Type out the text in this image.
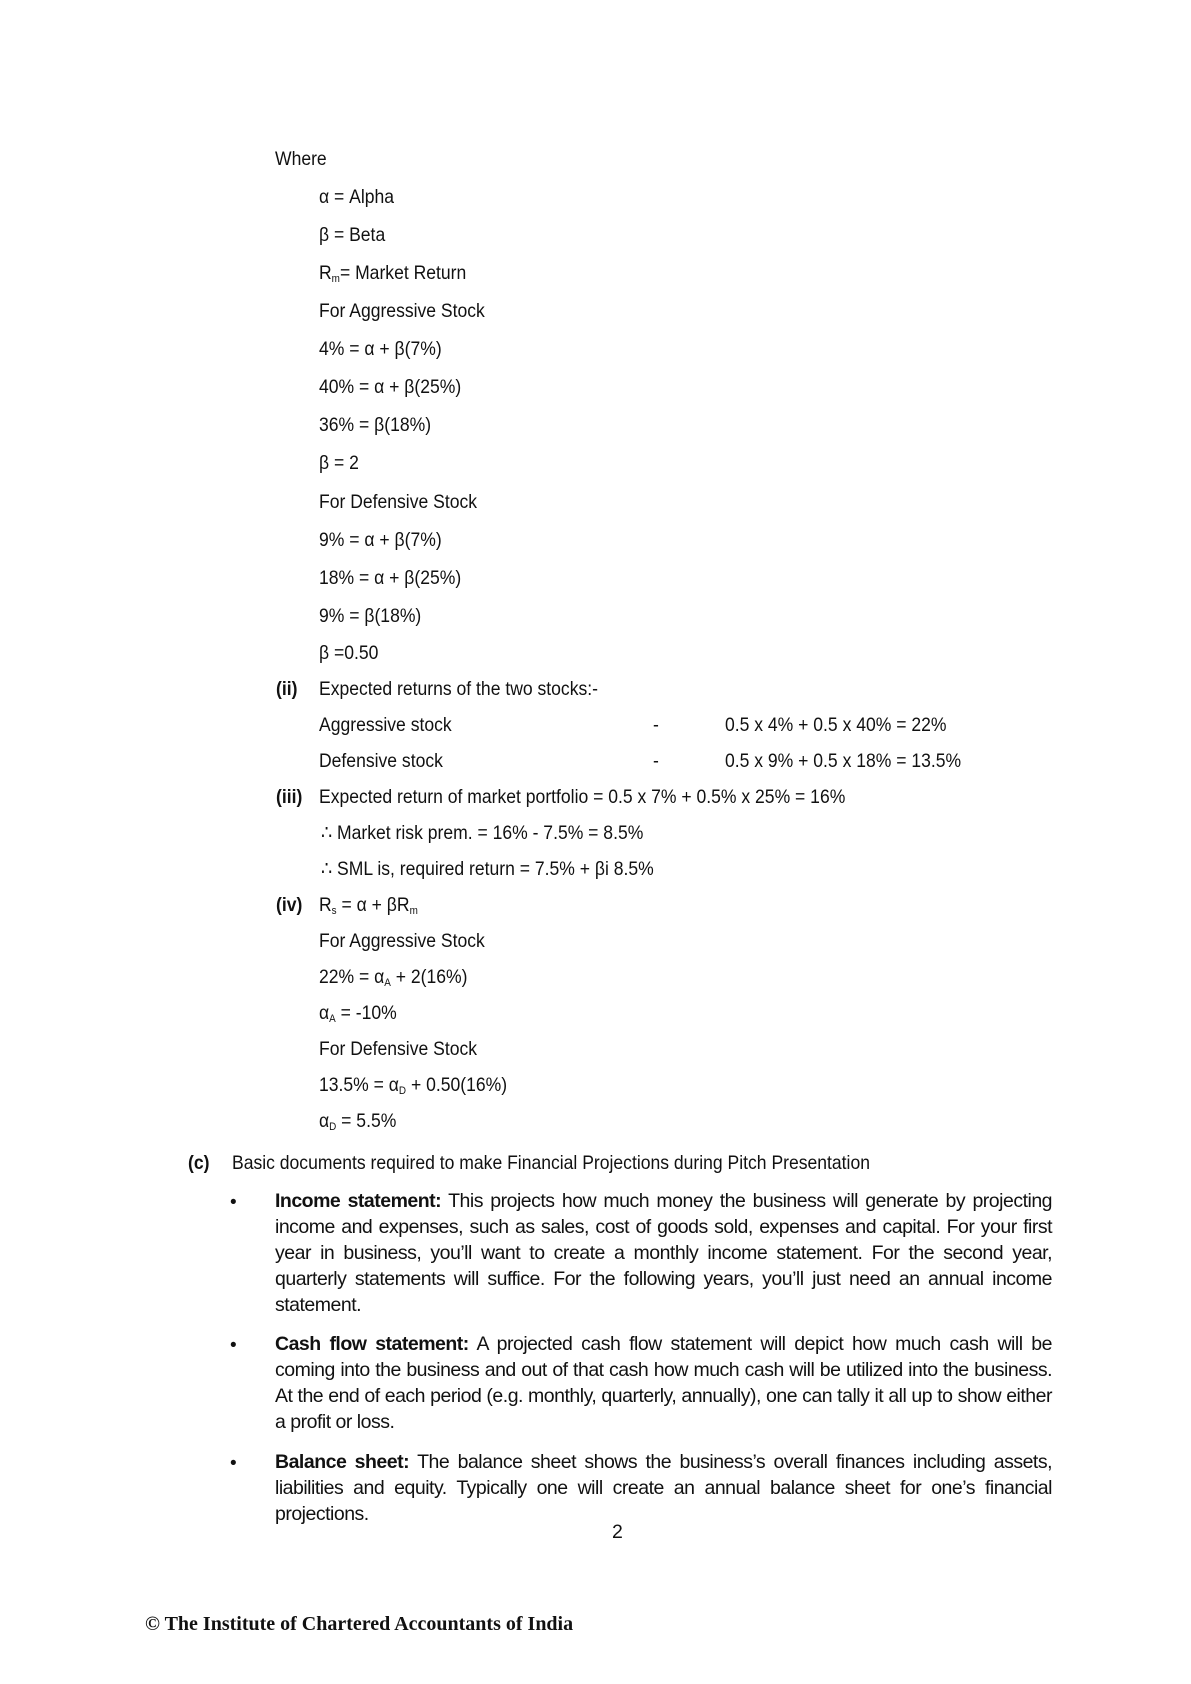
Where
α = Alpha
β = Beta
$R_m=$ Market Return
For Aggressive Stock
4% = α + β(7%)
40% = α + β(25%)
36% = β(18%)
β = 2
For Defensive Stock
9% = α + β(7%)
18% = α + β(25%)
9% = β(18%)
β =0.50
(ii) Expected returns of the two stocks:-
Aggressive stock	-	0.5 x 4% + 0.5 x 40% = 22%
Defensive stock	-	0.5 x 9% + 0.5 x 18% = 13.5%
(iii) Expected return of market portfolio = 0.5 x 7% + 0.5% x 25% = 16%
∴ Market risk prem. = 16% - 7.5% = 8.5%
∴ SML is, required return = 7.5% + βi 8.5%
(iv) $R_s = \alpha + \beta R_m$
For Aggressive Stock
$22\% = \alpha_A + 2(16\%)$
$\alpha_A = -10\%$
For Defensive Stock
$13.5\% = \alpha_D + 0.50(16\%)$
$\alpha_D = 5.5\%$
(c) Basic documents required to make Financial Projections during Pitch Presentation
• Income statement: This projects how much money the business will generate by projecting income and expenses, such as sales, cost of goods sold, expenses and capital. For your first year in business, you’ll want to create a monthly income statement. For the second year, quarterly statements will suffice. For the following years, you’ll just need an annual income statement.
• Cash flow statement: A projected cash flow statement will depict how much cash will be coming into the business and out of that cash how much cash will be utilized into the business. At the end of each period (e.g. monthly, quarterly, annually), one can tally it all up to show either a profit or loss.
• Balance sheet: The balance sheet shows the business’s overall finances including assets, liabilities and equity. Typically one will create an annual balance sheet for one’s financial projections.
2
© The Institute of Chartered Accountants of India
